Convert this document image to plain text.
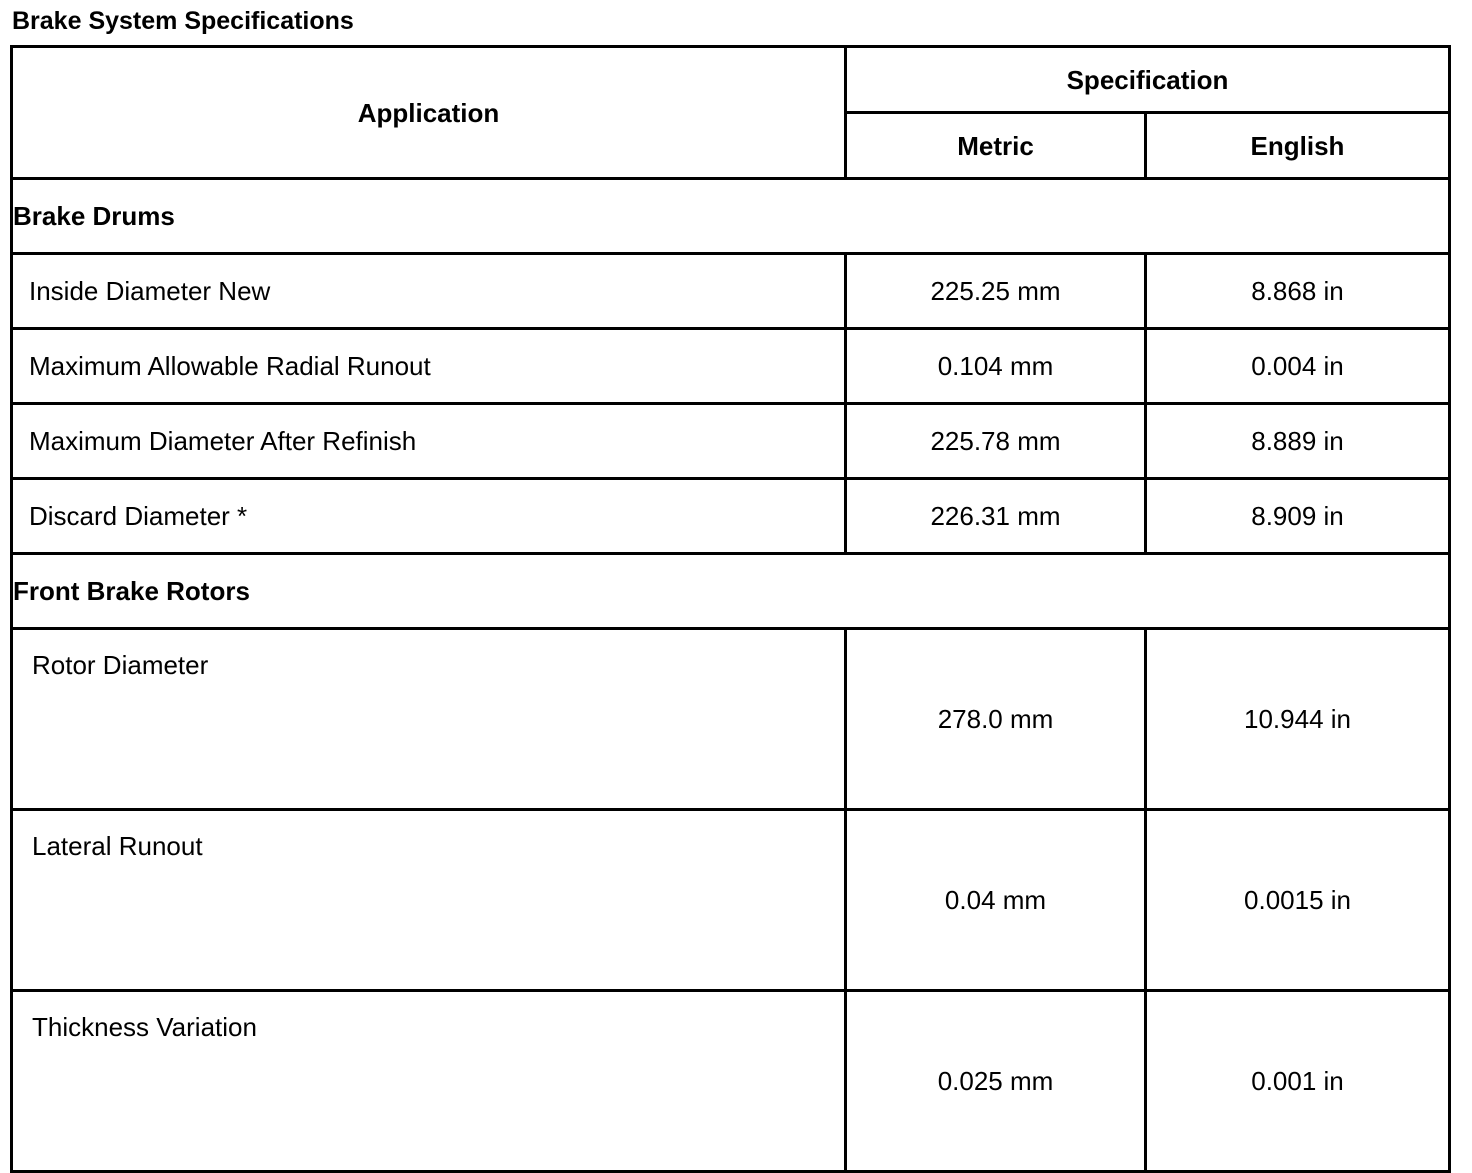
Brake System Specifications
Application	Specification	
	Metric	English
Brake Drums		
Inside Diameter New	225.25 mm	8.868 in
Maximum Allowable Radial Runout	0.104 mm	0.004 in
Maximum Diameter After Refinish	225.78 mm	8.889 in
Discard Diameter *	226.31 mm	8.909 in
Front Brake Rotors		
Rotor Diameter	278.0 mm	10.944 in
Lateral Runout	0.04 mm	0.0015 in
Thickness Variation	0.025 mm	0.001 in
